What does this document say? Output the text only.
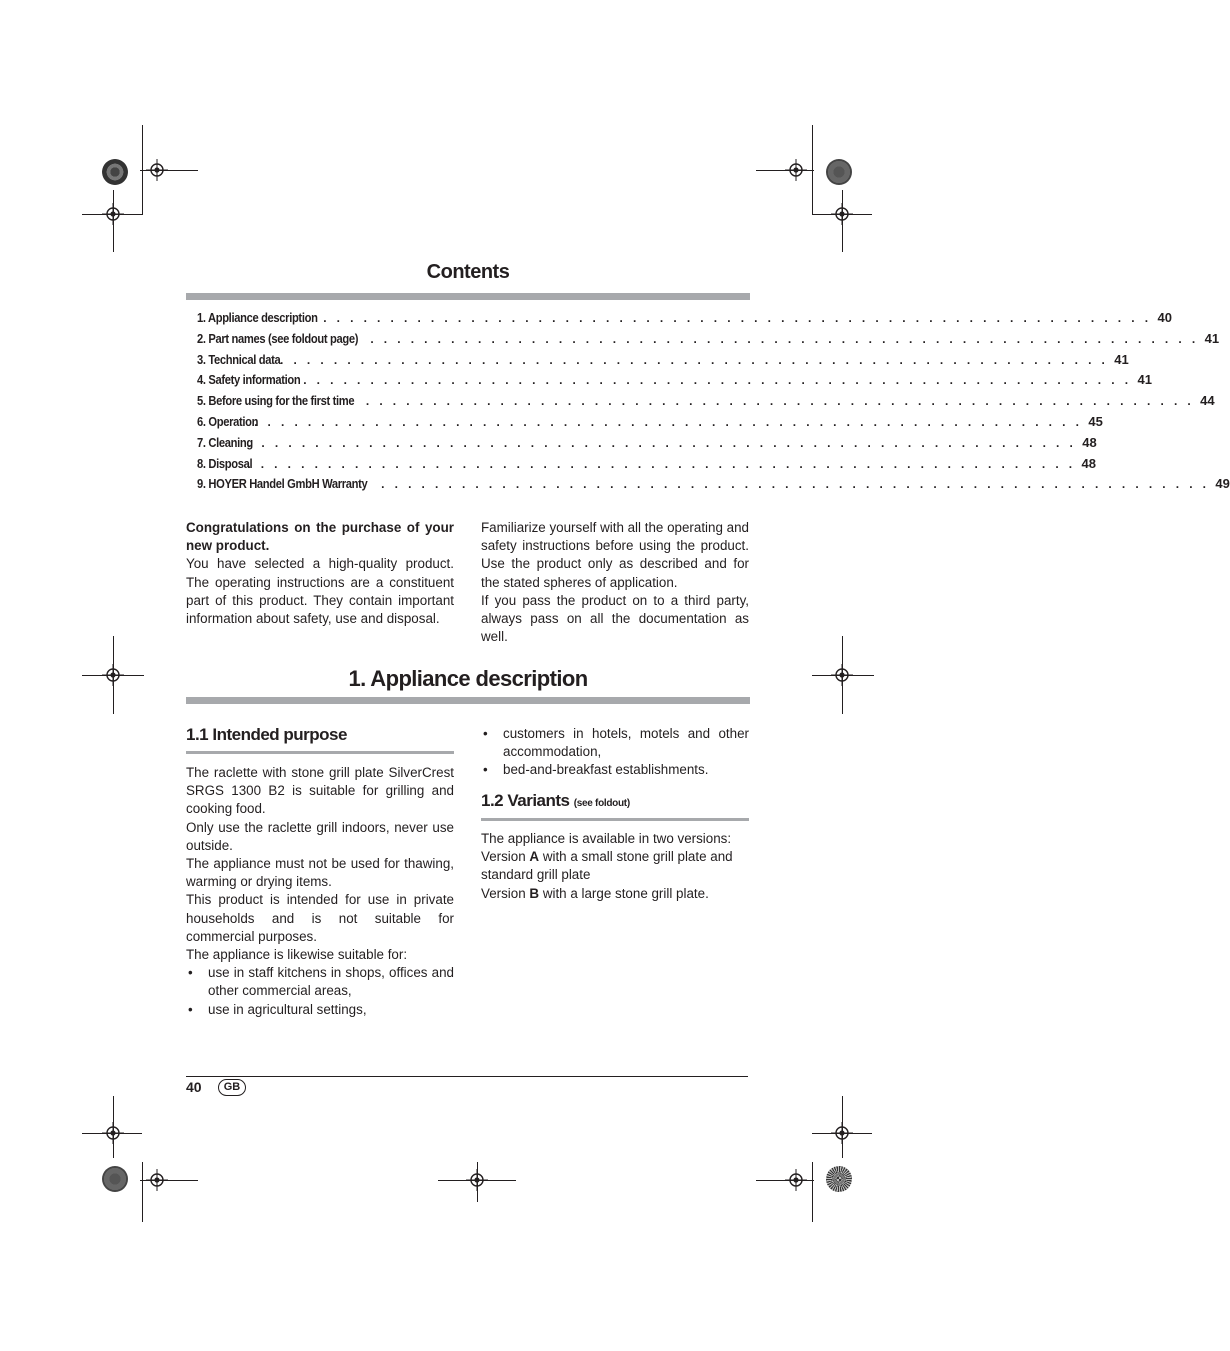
Contents
1. Appliance description . . . . . . . . . . . . . . . . . . . . . . . . . . . . . . . . . . . . . . . . . . . . . . . . . . . . . . . . . . . . . . 40
2. Part names (see foldout page) . . . . . . . . . . . . . . . . . . . . . . . . . . . . . . . . . . . . . . . . . . . . . . . . . . . . . . . . . . . . . . 41
3. Technical data . . . . . . . . . . . . . . . . . . . . . . . . . . . . . . . . . . . . . . . . . . . . . . . . . . . . . . . . . . . . . . 41
4. Safety information . . . . . . . . . . . . . . . . . . . . . . . . . . . . . . . . . . . . . . . . . . . . . . . . . . . . . . . . . . . . . . 41
5. Before using for the first time . . . . . . . . . . . . . . . . . . . . . . . . . . . . . . . . . . . . . . . . . . . . . . . . . . . . . . . . . . . . . . 44
6. Operation
. . . . . . . . . . . . . . . . . . . . . . . . . . . . . . . . . . . . . . . . . . . . . . . . . . . . . . . . . . . . . . 45
7. Cleaning
. . . . . . . . . . . . . . . . . . . . . . . . . . . . . . . . . . . . . . . . . . . . . . . . . . . . . . . . . . . . . . 48
8. Disposal
. . . . . . . . . . . . . . . . . . . . . . . . . . . . . . . . . . . . . . . . . . . . . . . . . . . . . . . . . . . . . . 48
9. HOYER Handel GmbH Warranty . . . . . . . . . . . . . . . . . . . . . . . . . . . . . . . . . . . . . . . . . . . . . . . . . . . . . . . . . . . . . . 49

Congratulations on the purchase of your new product.

You have selected a high-quality product. The operating instructions are a constituent part of this product. They contain important information about safety, use and disposal.

Familiarize yourself with all the operating and safety instructions before using the product. Use the product only as described and for the stated spheres of application.

If you pass the product on to a third party, always pass on all the documentation as well.

1. Appliance description
1.1 Intended purpose

The raclette with stone grill plate SilverCrest SRGS 1300 B2 is suitable for grilling and cooking food.

Only use the raclette grill indoors, never use outside.

The appliance must not be used for thawing, warming or drying items.

This product is intended for use in private households and is not suitable for commercial purposes.

The appliance is likewise suitable for:

• use in staff kitchens in shops, offices and other commercial areas,

• use in agricultural settings,

• customers in hotels, motels and other accommodation,

• bed-and-breakfast establishments.

1.2 Variants (see foldout)

The appliance is available in two versions:

Version A with a small stone grill plate and standard grill plate

Version B with a large stone grill plate.

40	GB
